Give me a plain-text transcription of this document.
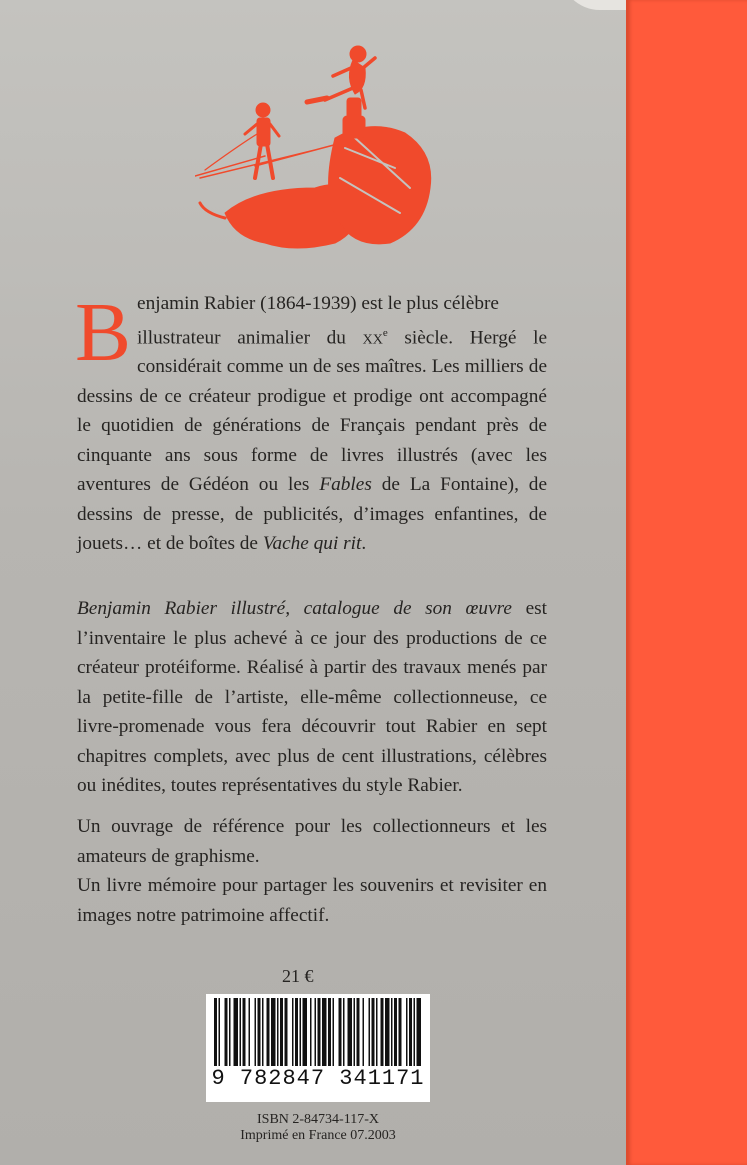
B enjamin Rabier (1864-1939) est le plus célèbre
illustrateur animalier du $xx^e$ siècle. Hergé le considérait comme un de ses maîtres. Les milliers de dessins de ce créateur prodigue et prodige ont accompagné le quotidien de générations de Français pendant près de cinquante ans sous forme de livres illustrés (avec les aventures de Gédéon ou les Fables de La Fontaine), de dessins de presse, de publicités, d’images enfantines, de jouets… et de boîtes de Vache qui rit.
Benjamin Rabier illustré, catalogue de son œuvre est l’inventaire le plus achevé à ce jour des productions de ce créateur protéiforme. Réalisé à partir des travaux menés par la petite-fille de l’artiste, elle-même collectionneuse, ce livre-promenade vous fera découvrir tout Rabier en sept chapitres complets, avec plus de cent illustrations, célèbres ou inédites, toutes représentatives du style Rabier.

Un ouvrage de référence pour les collectionneurs et les amateurs de graphisme.

Un livre mémoire pour partager les souvenirs et revisiter en images notre patrimoine affectif.

21 €
9 782847 341171
ISBN 2-84734-117-X
Imprimé en France 07.2003
